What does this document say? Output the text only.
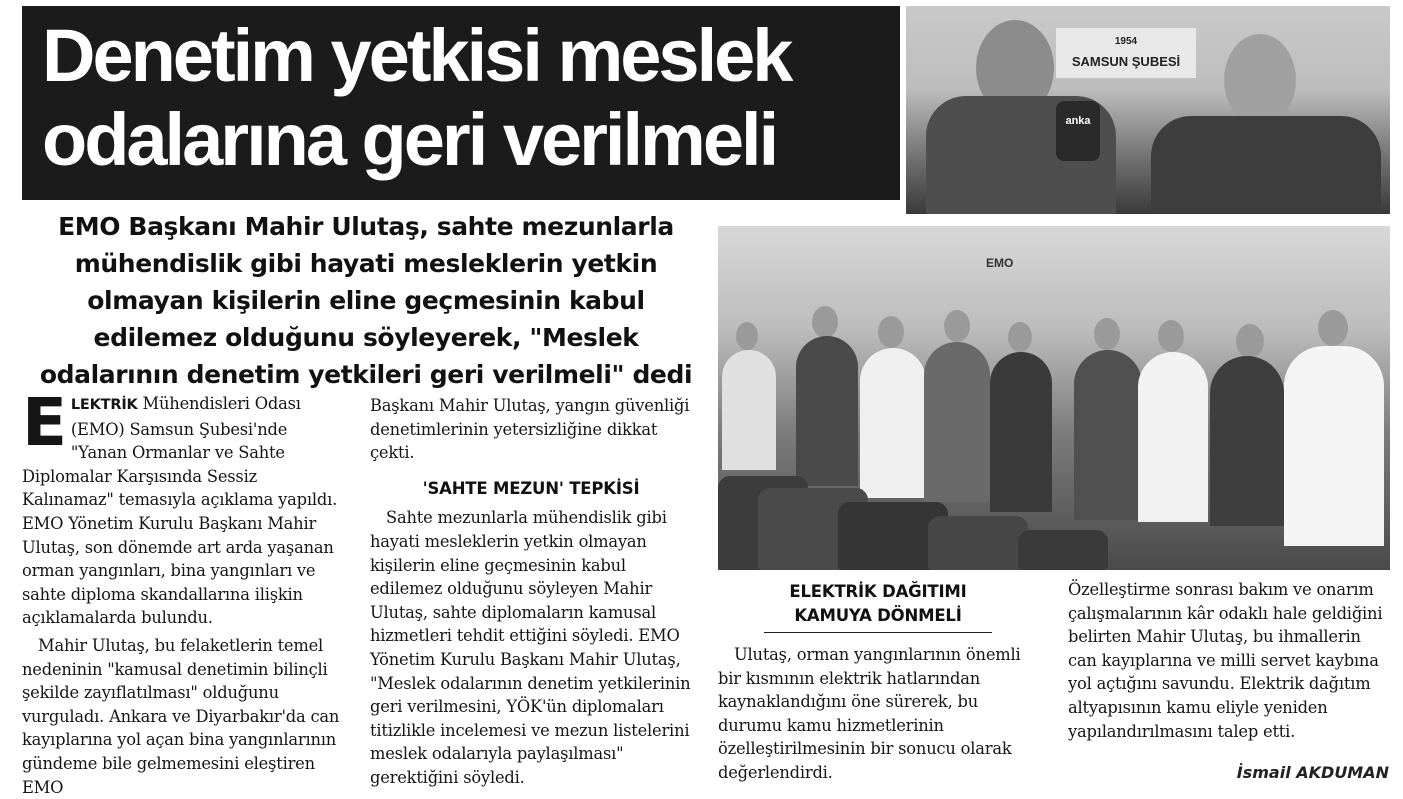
Denetim yetkisi meslek odalarına geri verilmeli
1954
SAMSUN ŞUBESİ
anka
EMO

EMO Başkanı Mahir Ulutaş, sahte mezunlarla mühendislik gibi hayati mesleklerin yetkin olmayan kişilerin eline geçmesinin kabul edilemez olduğunu söyleyerek, "Meslek odalarının denetim yetkileri geri verilmeli" dedi

ELEKTRİK Mühendisleri Odası (EMO) Samsun Şubesi'nde "Yanan Ormanlar ve Sahte Diplomalar Karşısında Sessiz Kalınamaz" temasıyla açıklama yapıldı. EMO Yönetim Kurulu Başkanı Mahir Ulutaş, son dönemde art arda yaşanan orman yangınları, bina yangınları ve sahte diploma skandallarına ilişkin açıklamalarda bulundu.

Mahir Ulutaş, bu felaketlerin temel nedeninin "kamusal denetimin bilinçli şekilde zayıflatılması" olduğunu vurguladı. Ankara ve Diyarbakır'da can kayıplarına yol açan bina yangınlarının gündeme bile gelmemesini eleştiren EMO

Başkanı Mahir Ulutaş, yangın güvenliği denetimlerinin yetersizliğine dikkat çekti.

'SAHTE MEZUN' TEPKİSİ

Sahte mezunlarla mühendislik gibi hayati mesleklerin yetkin olmayan kişilerin eline geçmesinin kabul edilemez olduğunu söyleyen Mahir Ulutaş, sahte diplomaların kamusal hizmetleri tehdit ettiğini söyledi. EMO Yönetim Kurulu Başkanı Mahir Ulutaş, "Meslek odalarının denetim yetkilerinin geri verilmesini, YÖK'ün diplomaları titizlikle incelemesi ve mezun listelerini meslek odalarıyla paylaşılması" gerektiğini söyledi.

ELEKTRİK DAĞITIMI
KAMUYA DÖNMELİ

Ulutaş, orman yangınlarının önemli bir kısmının elektrik hatlarından kaynaklandığını öne sürerek, bu durumu kamu hizmetlerinin özelleştirilmesinin bir sonucu olarak değerlendirdi.

Özelleştirme sonrası bakım ve onarım çalışmalarının kâr odaklı hale geldiğini belirten Mahir Ulutaş, bu ihmallerin can kayıplarına ve milli servet kaybına yol açtığını savundu. Elektrik dağıtım altyapısının kamu eliyle yeniden yapılandırılmasını talep etti.

İsmail AKDUMAN
